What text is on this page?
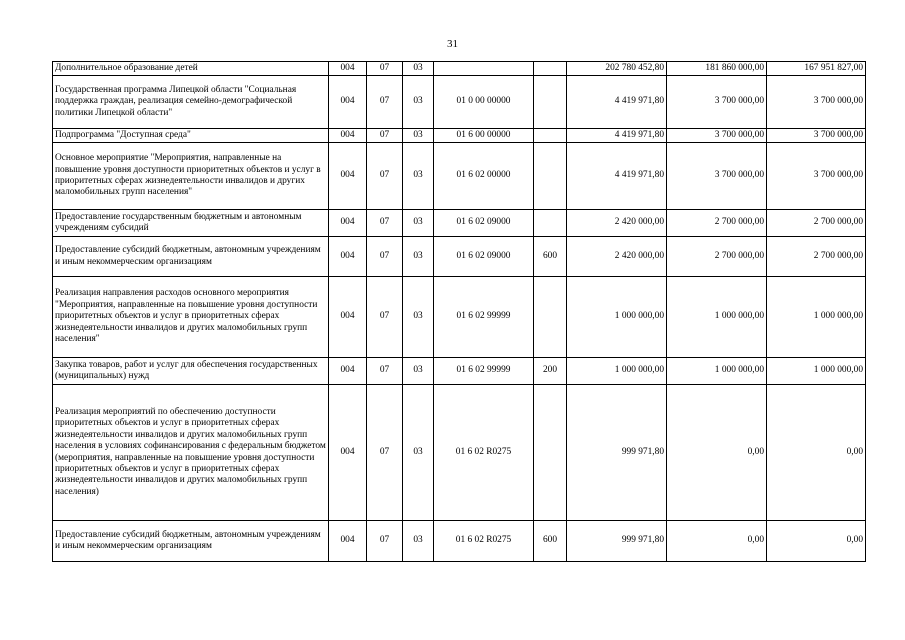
31
Дополнительное образование детей	004	07	03			202 780 452,80	181 860 000,00	167 951 827,00
Государственная программа Липецкой области "Социальная поддержка граждан, реализация семейно-демографической политики Липецкой области"	004	07	03	01 0 00 00000		4 419 971,80	3 700 000,00	3 700 000,00
Подпрограмма "Доступная среда"	004	07	03	01 6 00 00000		4 419 971,80	3 700 000,00	3 700 000,00
Основное мероприятие "Мероприятия, направленные на повышение уровня доступности приоритетных объектов и услуг в приоритетных сферах жизнедеятельности инвалидов и других маломобильных групп населения"	004	07	03	01 6 02 00000		4 419 971,80	3 700 000,00	3 700 000,00
Предоставление государственным бюджетным и автономным учреждениям субсидий	004	07	03	01 6 02 09000		2 420 000,00	2 700 000,00	2 700 000,00
Предоставление субсидий бюджетным, автономным учреждениям и иным некоммерческим организациям	004	07	03	01 6 02 09000	600	2 420 000,00	2 700 000,00	2 700 000,00
Реализация направления расходов основного мероприятия "Мероприятия, направленные на повышение уровня доступности приоритетных объектов и услуг в приоритетных сферах жизнедеятельности инвалидов и других маломобильных групп населения"	004	07	03	01 6 02 99999		1 000 000,00	1 000 000,00	1 000 000,00
Закупка товаров, работ и услуг для обеспечения государственных (муниципальных) нужд	004	07	03	01 6 02 99999	200	1 000 000,00	1 000 000,00	1 000 000,00
Реализация мероприятий по обеспечению доступности приоритетных объектов и услуг в приоритетных сферах жизнедеятельности инвалидов и других маломобильных групп населения в условиях софинансирования с федеральным бюджетом (мероприятия, направленные на повышение уровня доступности приоритетных объектов и услуг в приоритетных сферах жизнедеятельности инвалидов и других маломобильных групп населения)	004	07	03	01 6 02 R0275		999 971,80	0,00	0,00
Предоставление субсидий бюджетным, автономным учреждениям и иным некоммерческим организациям	004	07	03	01 6 02 R0275	600	999 971,80	0,00	0,00
